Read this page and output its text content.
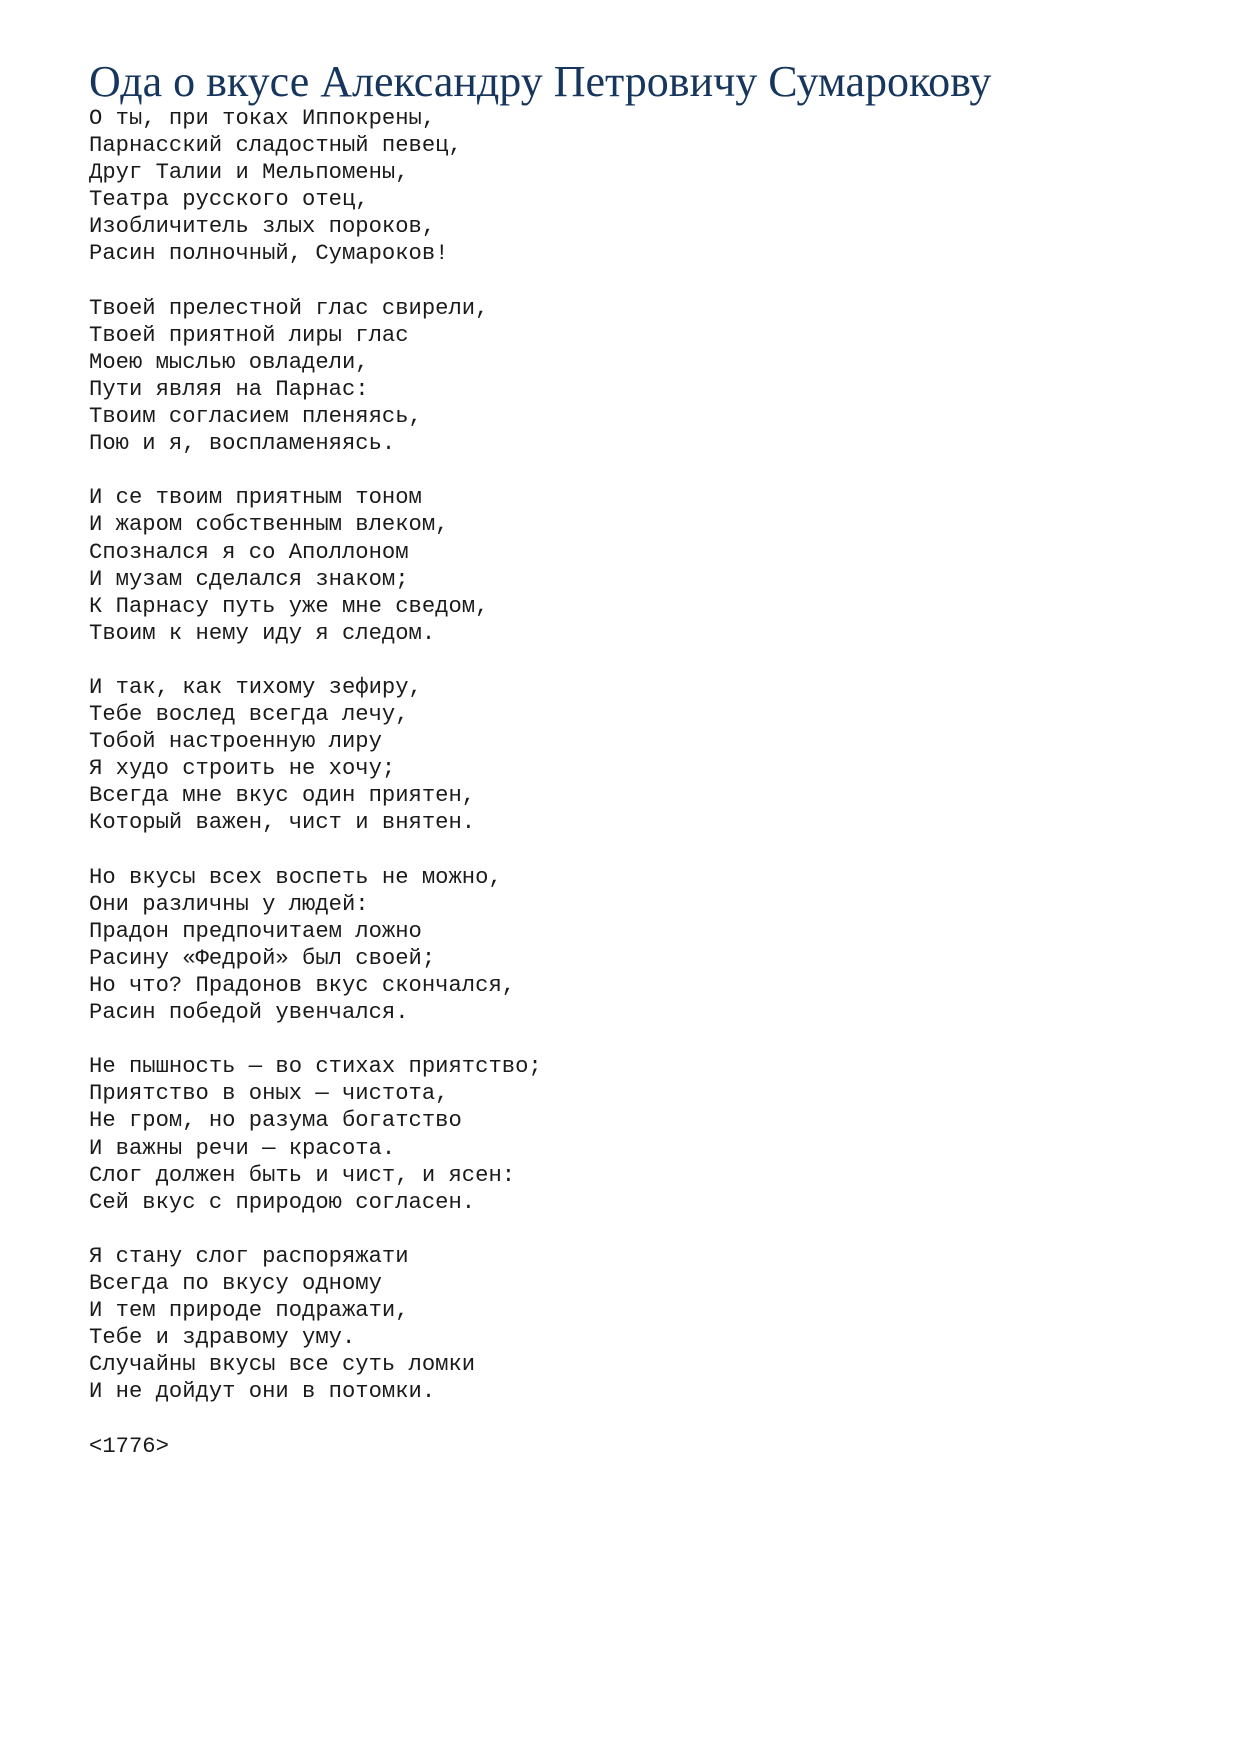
Ода о вкусе Александру Петровичу Сумарокову
О ты, при токах Иппокрены,
Парнасский сладостный певец,
Друг Талии и Мельпомены,
Театра русского отец,
Изобличитель злых пороков,
Расин полночный, Сумароков!
Твоей прелестной глас свирели,
Твоей приятной лиры глас
Моею мыслью овладели,
Пути являя на Парнас:
Твоим согласием пленяясь,
Пою и я, воспламеняясь.
И се твоим приятным тоном
И жаром собственным влеком,
Спознался я со Аполлоном
И музам сделался знаком;
К Парнасу путь уже мне сведом,
Твоим к нему иду я следом.
И так, как тихому зефиру,
Тебе вослед всегда лечу,
Тобой настроенную лиру
Я худо строить не хочу;
Всегда мне вкус один приятен,
Который важен, чист и внятен.
Но вкусы всех воспеть не можно,
Они различны у людей:
Прадон предпочитаем ложно
Расину «Федрой» был своей;
Но что? Прадонов вкус скончался,
Расин победой увенчался.
Не пышность — во стихах приятство;
Приятство в оных — чистота,
Не гром, но разума богатство
И важны речи — красота.
Слог должен быть и чист, и ясен:
Сей вкус с природою согласен.
Я стану слог распоряжати
Всегда по вкусу одному
И тем природе подражати,
Тебе и здравому уму.
Случайны вкусы все суть ломки
И не дойдут они в потомки.
<1776>
